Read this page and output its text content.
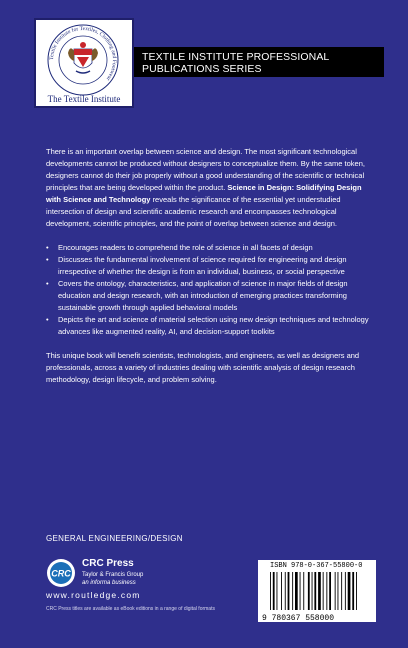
Textile Institute for Textiles, Clothing and Footwear
The Textile Institute
TEXTILE INSTITUTE PROFESSIONAL
PUBLICATIONS SERIES

There is an important overlap between science and design. The most significant technological developments cannot be produced without designers to conceptualize them. By the same token, designers cannot do their job properly without a good understanding of the scientific or technical principles that are being developed within the product. Science in Design: Solidifying Design with Science and Technology reveals the significance of the essential yet understudied intersection of design and scientific academic research and encompasses technological development, scientific principles, and the point of overlap between science and design.

• Encourages readers to comprehend the role of science in all facets of design
• Discusses the fundamental involvement of science required for engineering and design irrespective of whether the design is from an individual, business, or social perspective
• Covers the ontology, characteristics, and application of science in major fields of design education and design research, with an introduction of emerging practices transforming sustainable growth through applied behavioral models
• Depicts the art and science of material selection using new design techniques and technology advances like augmented reality, AI, and decision-support toolkits

This unique book will benefit scientists, technologists, and engineers, as well as designers and professionals, across a variety of industries dealing with scientific analysis of design research methodology, design lifecycle, and problem solving.

GENERAL ENGINEERING/DESIGN
CRC
CRC Press
Taylor & Francis Group
an informa business
www.routledge.com
CRC Press titles are available as eBook editions in a range of digital formats
ISBN 978-0-367-55800-0
9 780367 558000
